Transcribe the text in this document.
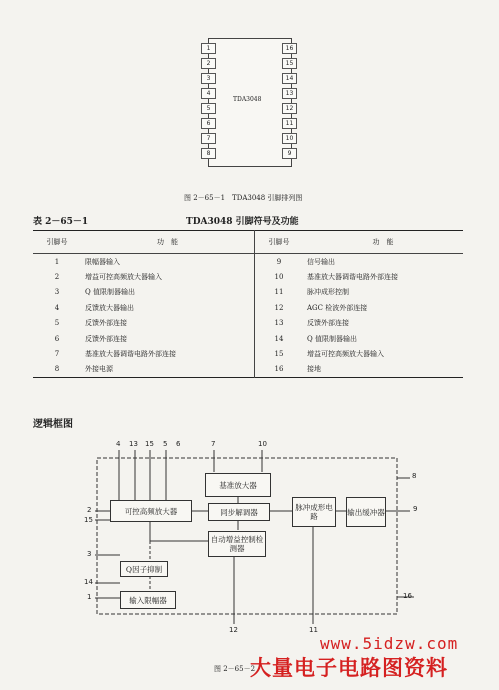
TDA3048
1
2
3
4
5
6
7
8
16
15
14
13
12
11
10
9
图 2－65－1　TDA3048 引脚排列图
表 2－65－1	TDA3048 引脚符号及功能
引脚号	功　能	引脚号	功　能
1	限幅器输入	9	信号输出
2	增益可控高频放大器输入	10	基准放大器调谐电路外部连接
3	Q 值限制器输出	11	脉冲成形控制
4	反馈放大器输出	12	AGC 检波外部连接
5	反馈外部连接	13	反馈外部连接
6	反馈外部连接	14	Q 值限制器输出
7	基准放大器调谐电路外部连接	15	增益可控高频放大器输入
8	外接电源	16	接地
逻辑框图
可控高频放大器
基准放大器
同步解调器
自动增益控制检测器
脉冲成形电路	输出缓冲器
Q因子抑制
输入限幅器
4 13 15 5 6	7	10
8
9
2
15
3
14
1
12	11
16
图 2－65－2
www.5idzw.com
大量电子电路图资料
